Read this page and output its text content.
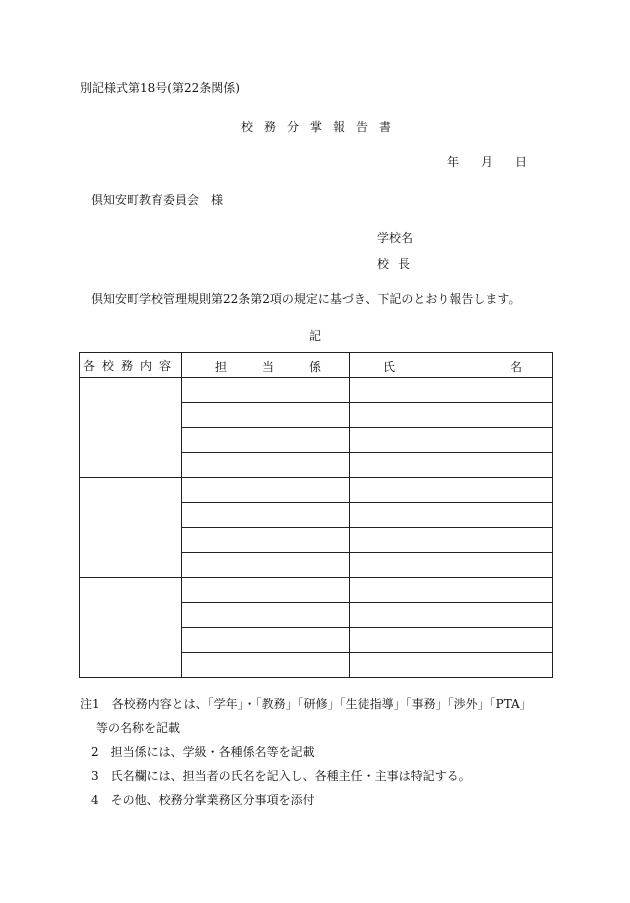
別記様式第18号(第22条関係)
校務分掌報告書
年 月 日
倶知安町教育委員会　様
学校名
校長
倶知安町学校管理規則第22条第2項の規定に基づき、下記のとおり報告します。
記
各校務内容	担 当 係	氏 名

注1　各校務内容とは、「学年」・「教務」「研修」「生徒指導」「事務」「渉外」「PTA」
等の名称を記載
2　担当係には、学級・各種係名等を記載
3　氏名欄には、担当者の氏名を記入し、各種主任・主事は特記する。
4　その他、校務分掌業務区分事項を添付
